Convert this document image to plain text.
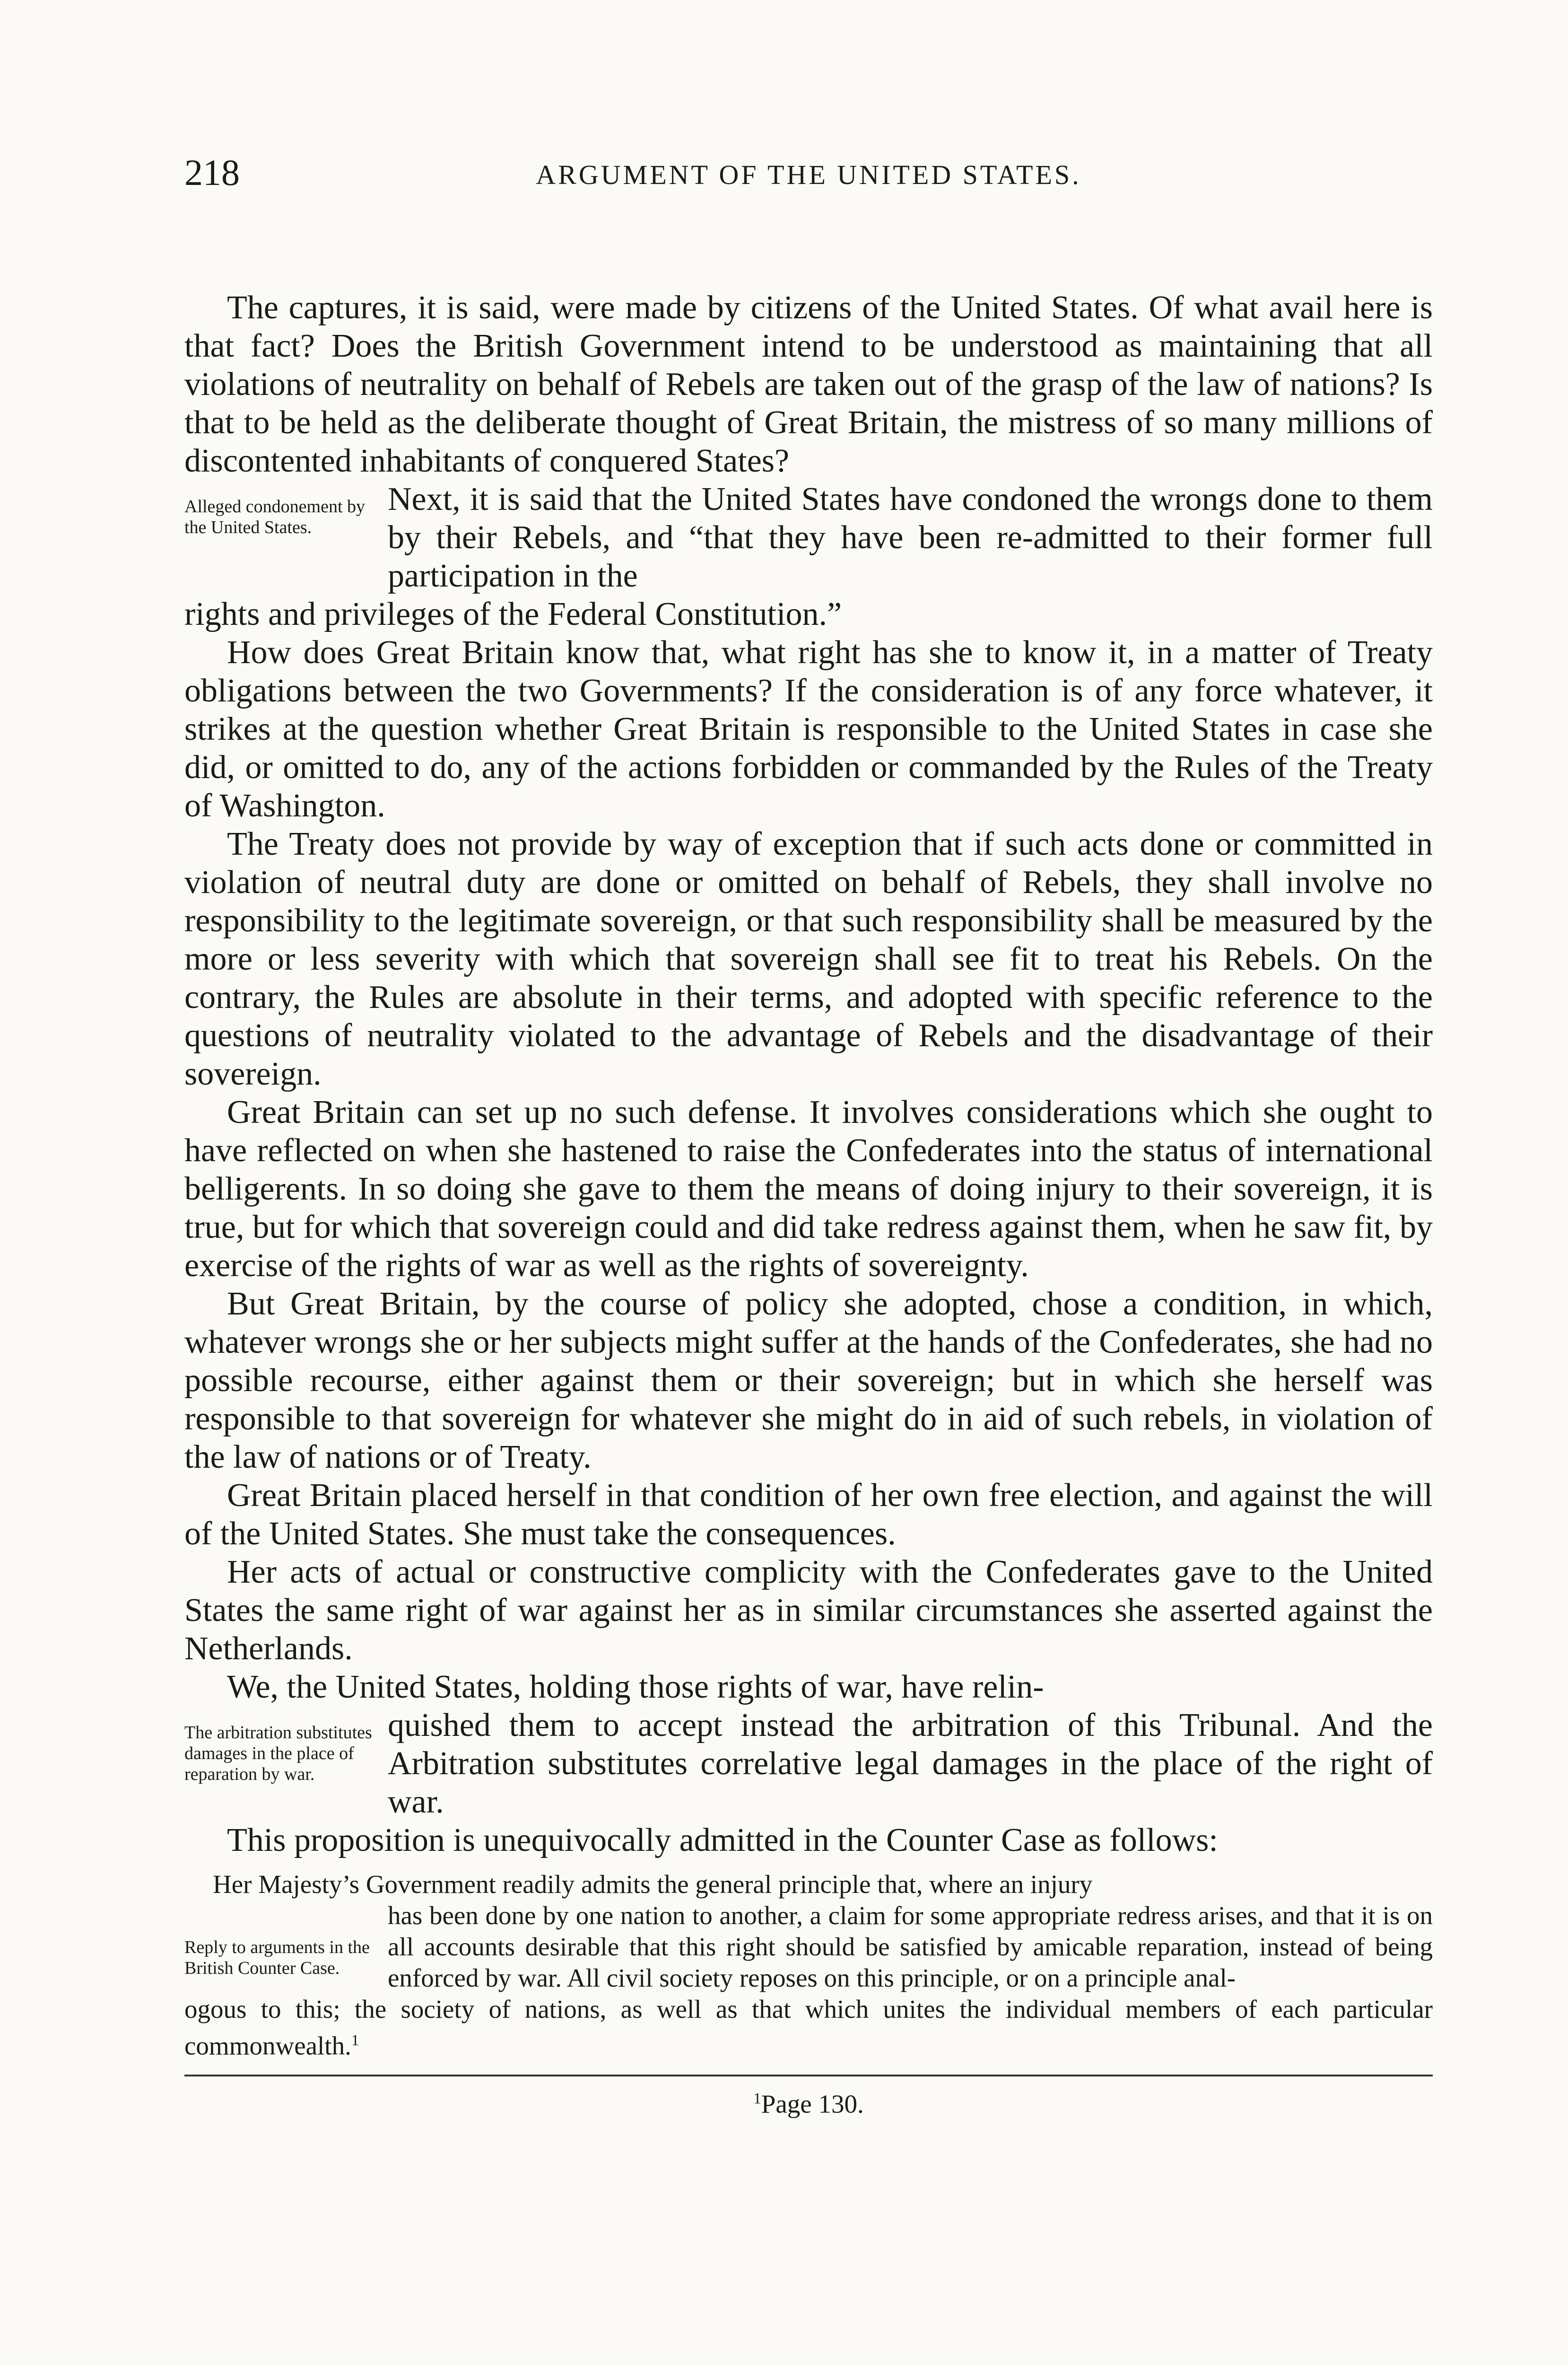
218	ARGUMENT OF THE UNITED STATES.

The captures, it is said, were made by citizens of the United States. Of what avail here is that fact? Does the British Government intend to be understood as maintaining that all violations of neutrality on behalf of Rebels are taken out of the grasp of the law of nations? Is that to be held as the deliberate thought of Great Britain, the mistress of so many millions of discontented inhabitants of conquered States?

Alleged condonement by the United States.

Next, it is said that the United States have condoned the wrongs done to them by their Rebels, and “that they have been re-admitted to their former full participation in the

rights and privileges of the Federal Constitution.”

How does Great Britain know that, what right has she to know it, in a matter of Treaty obligations between the two Governments? If the consideration is of any force whatever, it strikes at the question whether Great Britain is responsible to the United States in case she did, or omitted to do, any of the actions forbidden or commanded by the Rules of the Treaty of Washington.

The Treaty does not provide by way of exception that if such acts done or committed in violation of neutral duty are done or omitted on behalf of Rebels, they shall involve no responsibility to the legitimate sovereign, or that such responsibility shall be measured by the more or less severity with which that sovereign shall see fit to treat his Rebels. On the contrary, the Rules are absolute in their terms, and adopted with specific reference to the questions of neutrality violated to the advantage of Rebels and the disadvantage of their sovereign.

Great Britain can set up no such defense. It involves considerations which she ought to have reflected on when she hastened to raise the Confederates into the status of international belligerents. In so doing she gave to them the means of doing injury to their sovereign, it is true, but for which that sovereign could and did take redress against them, when he saw fit, by exercise of the rights of war as well as the rights of sovereignty.

But Great Britain, by the course of policy she adopted, chose a condition, in which, whatever wrongs she or her subjects might suffer at the hands of the Confederates, she had no possible recourse, either against them or their sovereign; but in which she herself was responsible to that sovereign for whatever she might do in aid of such rebels, in violation of the law of nations or of Treaty.

Great Britain placed herself in that condition of her own free election, and against the will of the United States. She must take the consequences.

Her acts of actual or constructive complicity with the Confederates gave to the United States the same right of war against her as in similar circumstances she asserted against the Netherlands.

We, the United States, holding those rights of war, have relin-

The arbitration substitutes damages in the place of reparation by war.

quished them to accept instead the arbitration of this Tribunal. And the Arbitration substitutes correlative legal damages in the place of the right of war.

This proposition is unequivocally admitted in the Counter Case as follows:

Her Majesty’s Government readily admits the general principle that, where an injury

Reply to arguments in the British Counter Case.

has been done by one nation to another, a claim for some appropriate redress arises, and that it is on all accounts desirable that this right should be satisfied by amicable reparation, instead of being enforced by war. All civil society reposes on this principle, or on a principle anal-

ogous to this; the society of nations, as well as that which unites the individual members of each particular commonwealth.$^1$

$^1$Page 130.
